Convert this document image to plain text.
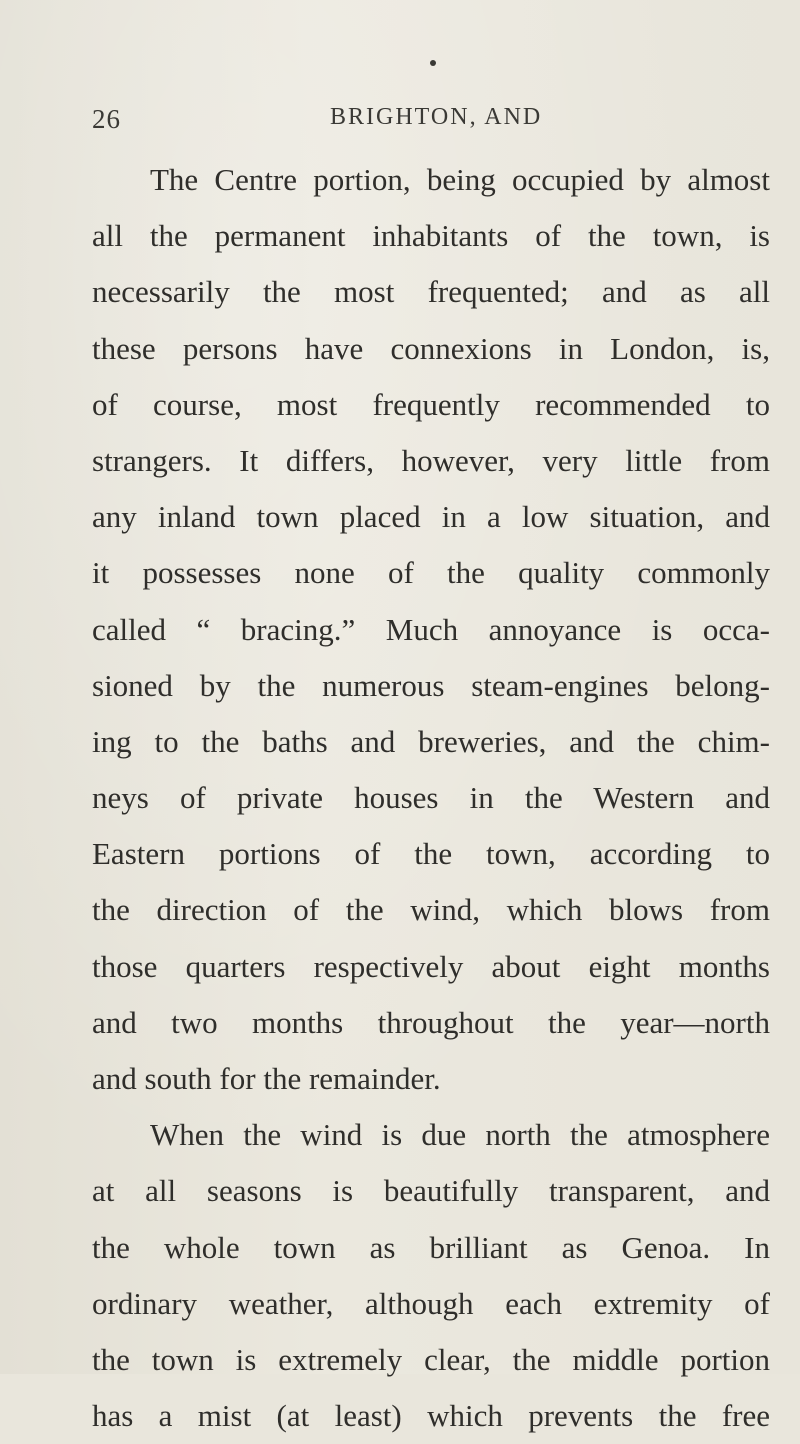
26	BRIGHTON, AND
The Centre portion, being occupied by almost
all the permanent inhabitants of the town, is
necessarily the most frequented; and as all
these persons have connexions in London, is,
of course, most frequently recommended to
strangers. It differs, however, very little from
any inland town placed in a low situation, and
it possesses none of the quality commonly
called “ bracing.” Much annoyance is occa-
sioned by the numerous steam-engines belong-
ing to the baths and breweries, and the chim-
neys of private houses in the Western and
Eastern portions of the town, according to
the direction of the wind, which blows from
those quarters respectively about eight months
and two months throughout the year—north
and south for the remainder.
When the wind is due north the atmosphere
at all seasons is beautifully transparent, and
the whole town as brilliant as Genoa. In
ordinary weather, although each extremity of
the town is extremely clear, the middle portion
has a mist (at least) which prevents the free
